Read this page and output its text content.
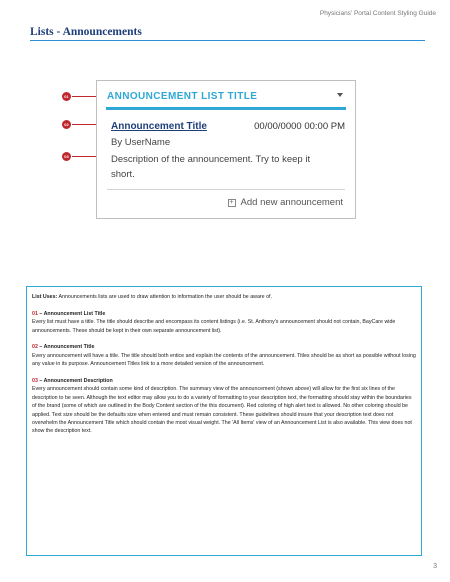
Physicians' Portal Content Styling Guide
Lists - Announcements
01
02
03
ANNOUNCEMENT LIST TITLE
Announcement Title	00/00/0000 00:00 PM
By UserName
Description of the announcement. Try to keep it short.
+ Add new announcement

List Uses: Announcements lists are used to draw attention to information the user should be aware of.

01 – Announcement List Title

Every list must have a title. The title should describe and encompass its content listings (i.e. St. Anthony's announcement should not contain, BayCare wide announcements. These should be kept in their own separate announcement list).

02 – Announcement Title

Every announcement will have a title. The title should both entice and explain the contents of the announcement. Titles should be as short as possible without losing any value in its purpose. Announcement Titles link to a more detailed version of the announcement.

03 – Announcement Description

Every announcement should contain some kind of description. The summary view of the announcement (shown above) will allow for the first six lines of the description to be seen. Although the text editor may allow you to do a variety of formatting to your description text, the formatting should stay within the boundaries of the brand (some of which are outlined in the Body Content section of the this document). Red coloring of high alert text is allowed. No other coloring should be applied. Text size should be the defaults size when entered and must remain consistent. These guidelines should insure that your description text does not overwhelm the Announcement Title which should contain the most visual weight. The 'All Items' view of an Announcement List is also available. This view does not show the description text.

3
